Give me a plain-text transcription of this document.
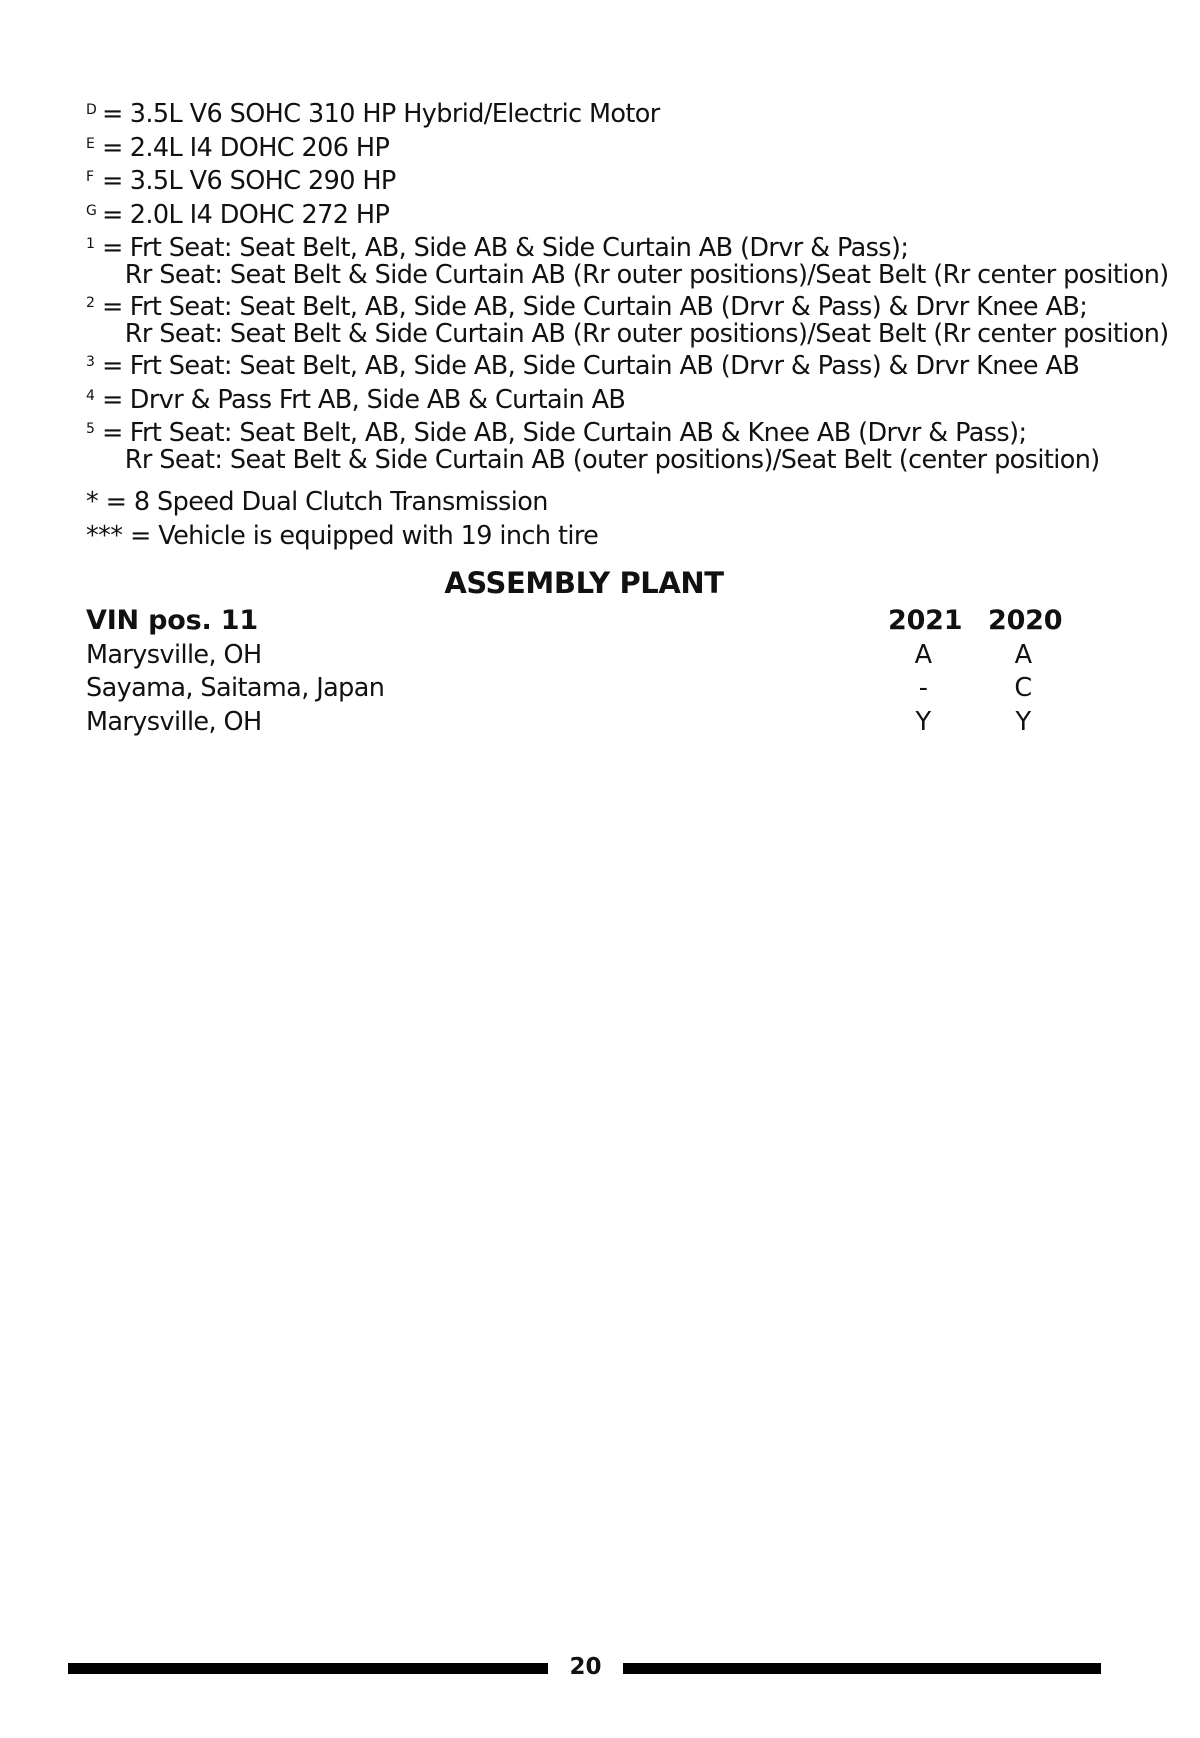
D = 3.5L V6 SOHC 310 HP Hybrid/Electric Motor
E = 2.4L I4 DOHC 206 HP
F = 3.5L V6 SOHC 290 HP
G = 2.0L I4 DOHC 272 HP
1 = Frt Seat: Seat Belt, AB, Side AB & Side Curtain AB (Drvr & Pass);
Rr Seat: Seat Belt & Side Curtain AB (Rr outer positions)/Seat Belt (Rr center position)
2 = Frt Seat: Seat Belt, AB, Side AB, Side Curtain AB (Drvr & Pass) & Drvr Knee AB;
Rr Seat: Seat Belt & Side Curtain AB (Rr outer positions)/Seat Belt (Rr center position)
3 = Frt Seat: Seat Belt, AB, Side AB, Side Curtain AB (Drvr & Pass) & Drvr Knee AB
4 = Drvr & Pass Frt AB, Side AB & Curtain AB
5 = Frt Seat: Seat Belt, AB, Side AB, Side Curtain AB & Knee AB (Drvr & Pass);
Rr Seat: Seat Belt & Side Curtain AB (outer positions)/Seat Belt (center position)
* = 8 Speed Dual Clutch Transmission
*** = Vehicle is equipped with 19 inch tire
ASSEMBLY PLANT
VIN pos. 11	2021 2020
Marysville, OH	A	A
Sayama, Saitama, Japan	-	C
Marysville, OH	Y	Y
20
